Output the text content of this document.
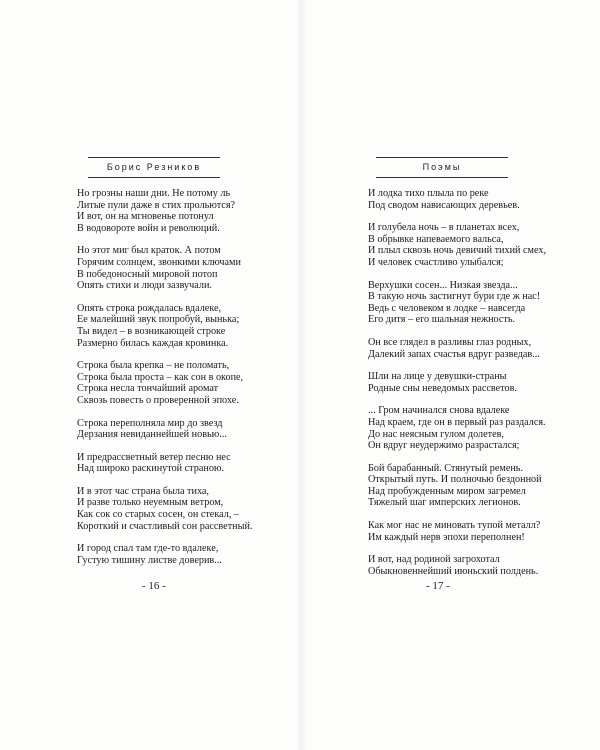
Борис Резников
Но грозны наши дни. Не потому ль
Литые пули даже в стих прольются?
И вот, он на мгновенье потонул
В водовороте войн и революций.
Но этот миг был краток. А потом
Горячим солнцем, звонкими ключами
В победоносный мировой потоп
Опять стихи и люди зазвучали.
Опять строка рождалась вдалеке,
Ее малейший звук попробуй, вынька;
Ты видел – в возникающей строке
Размерно билась каждая кровинка.
Строка была крепка – не поломать,
Строка была проста – как сон в окопе,
Строка несла тончайший аромат
Сквозь повесть о проверенной эпохе.
Строка переполняла мир до звезд
Дерзания невиданнейшей новью...
И предрассветный ветер песню нес
Над широко раскинутой страною.
И в этот час страна была тиха,
И разве только неуемным ветром,
Как сок со старых сосен, он стекал, –
Короткий и счастливый сон рассветный.
И город спал там где-то вдалеке,
Густую тишину листве доверив...
- 16 -
Поэмы
И лодка тихо плыла по реке
Под сводом нависающих деревьев.
И голубела ночь – в планетах всех,
В обрывке напеваемого вальса,
И плыл сквозь ночь девичий тихий смех,
И человек счастливо улыбался;
Верхушки сосен... Низкая звезда...
В такую ночь застигнут бури где ж нас!
Ведь с человеком в лодке – навсегда
Его дитя – его шальная нежность.
Он все глядел в разливы глаз родных,
Далекий запах счастья вдруг разведав...
Шли на лице у девушки-страны
Родные сны неведомых рассветов.
... Гром начинался снова вдалеке
Над краем, где он в первый раз раздался.
До нас неясным гулом долетев,
Он вдруг неудержимо разрастался;
Бой барабанный. Стянутый ремень.
Открытый путь. И полночью бездонной
Над пробужденным миром загремел
Тяжелый шаг имперских легионов.
Как мог нас не миновать тупой металл?
Им каждый нерв эпохи переполнен!
И вот, над родиной загрохотал
Обыкновеннейший июньский полдень.
- 17 -
